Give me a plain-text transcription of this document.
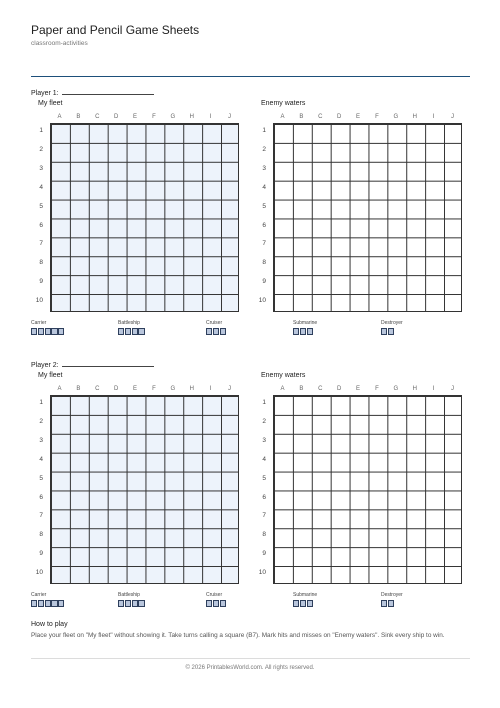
Paper and Pencil Game Sheets
classroom-activities
Player 1:
My fleet
A	B	C	D	E	F	G	H	I	J
1
2
3
4
5
6
7
8
9
10
Enemy waters
A	B	C	D	E	F	G	H	I	J
1
2
3
4
5
6
7
8
9
10
Carrier	Battleship	Cruiser	Submarine	Destroyer
Player 2:
My fleet
A	B	C	D	E	F	G	H	I	J
1
2
3
4
5
6
7
8
9
10
Enemy waters
A	B	C	D	E	F	G	H	I	J
1
2
3
4
5
6
7
8
9
10
Carrier	Battleship	Cruiser	Submarine	Destroyer
How to play
Place your fleet on "My fleet" without showing it. Take turns calling a square (B7). Mark hits and misses on "Enemy waters". Sink every ship to win.
© 2026 PrintablesWorld.com. All rights reserved.
